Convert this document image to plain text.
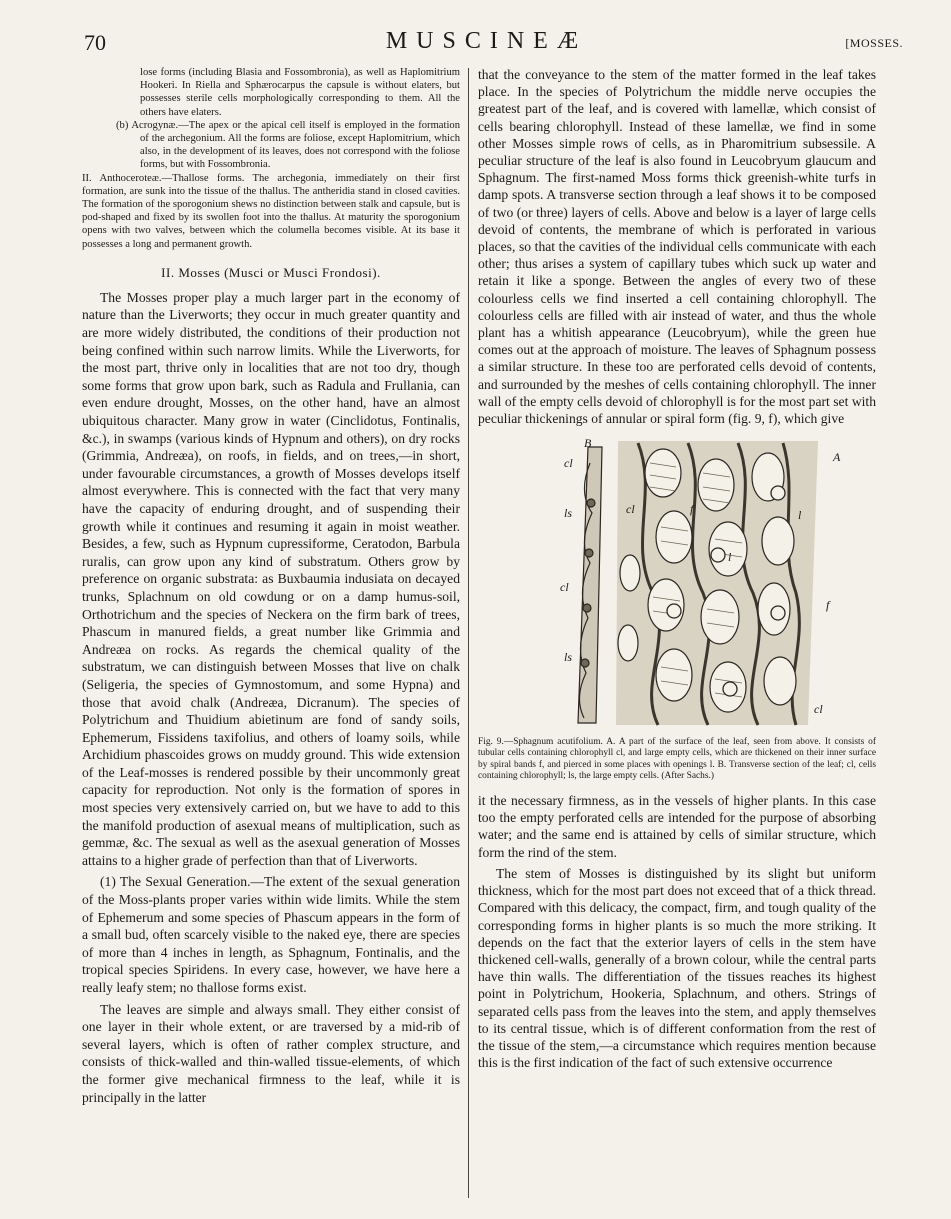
70	MUSCINEÆ	[MOSSES.

lose forms (including Blasia and Fossombronia), as well as Haplomitrium Hookeri. In Riella and Sphærocarpus the capsule is without elaters, but possesses sterile cells morphologically corresponding to them. All the others have elaters.

(b) Acrogynæ.—The apex or the apical cell itself is employed in the formation of the archegonium. All the forms are foliose, except Haplomitrium, which also, in the development of its leaves, does not correspond with the foliose forms, but with Fossombronia.

II. Anthoceroteæ.—Thallose forms. The archegonia, immediately on their first formation, are sunk into the tissue of the thallus. The antheridia stand in closed cavities. The formation of the sporogonium shews no distinction between stalk and capsule, but is pod-shaped and fixed by its swollen foot into the thallus. At maturity the sporogonium opens with two valves, between which the columella becomes visible. At its base it possesses a long and permanent growth.

II. Mosses (Musci or Musci Frondosi).

The Mosses proper play a much larger part in the economy of nature than the Liverworts; they occur in much greater quantity and are more widely distributed, the conditions of their production not being confined within such narrow limits. While the Liverworts, for the most part, thrive only in localities that are not too dry, though some forms that grow upon bark, such as Radula and Frullania, can even endure drought, Mosses, on the other hand, have an almost ubiquitous character. Many grow in water (Cinclidotus, Fontinalis, &c.), in swamps (various kinds of Hypnum and others), on dry rocks (Grimmia, Andreæa), on roofs, in fields, and on trees,—in short, under favourable circumstances, a growth of Mosses develops itself almost everywhere. This is connected with the fact that very many have the capacity of enduring drought, and of suspending their growth while it continues and resuming it again in moist weather. Besides, a few, such as Hypnum cupressiforme, Ceratodon, Barbula ruralis, can grow upon any kind of substratum. Others grow by preference on organic substrata: as Buxbaumia indusiata on decayed trunks, Splachnum on old cowdung or on a damp humus-soil, Orthotrichum and the species of Neckera on the firm bark of trees, Phascum in manured fields, a great number like Grimmia and Andreæa on rocks. As regards the chemical quality of the substratum, we can distinguish between Mosses that live on chalk (Seligeria, the species of Gymnostomum, and some Hypna) and those that avoid chalk (Andreæa, Dicranum). The species of Polytrichum and Thuidium abietinum are fond of sandy soils, Ephemerum, Fissidens taxifolius, and others of loamy soils, while Archidium phascoides grows on muddy ground. This wide extension of the Leaf-mosses is rendered possible by their uncommonly great capacity for reproduction. Not only is the formation of spores in most species very extensively carried on, but we have to add to this the manifold production of asexual means of multiplication, such as gemmæ, &c. The sexual as well as the asexual generation of Mosses attains to a higher grade of perfection than that of Liverworts.

(1) The Sexual Generation.—The extent of the sexual generation of the Moss-plants proper varies within wide limits. While the stem of Ephemerum and some species of Phascum appears in the form of a small bud, often scarcely visible to the naked eye, there are species of more than 4 inches in length, as Sphagnum, Fontinalis, and the tropical species Spiridens. In every case, however, we have here a really leafy stem; no thallose forms exist.

The leaves are simple and always small. They either consist of one layer in their whole extent, or are traversed by a mid-rib of several layers, which is often of rather complex structure, and consists of thick-walled and thin-walled tissue-elements, of which the former give mechanical firmness to the leaf, while it is principally in the latter

that the conveyance to the stem of the matter formed in the leaf takes place. In the species of Polytrichum the middle nerve occupies the greatest part of the leaf, and is covered with lamellæ, which consist of cells bearing chlorophyll. Instead of these lamellæ, we find in some other Mosses simple rows of cells, as in Pharomitrium subsessile. A peculiar structure of the leaf is also found in Leucobryum glaucum and Sphagnum. The first-named Moss forms thick greenish-white turfs in damp spots. A transverse section through a leaf shows it to be composed of two (or three) layers of cells. Above and below is a layer of large cells devoid of contents, the membrane of which is perforated in various places, so that the cavities of the individual cells communicate with each other; thus arises a system of capillary tubes which suck up water and retain it like a sponge. Between the angles of every two of these colourless cells we find inserted a cell containing chlorophyll. The colourless cells are filled with air instead of water, and thus the whole plant has a whitish appearance (Leucobryum), while the green hue comes out at the approach of moisture. The leaves of Sphagnum possess a similar structure. In these too are perforated cells devoid of contents, and surrounded by the meshes of cells containing chlorophyll. The inner wall of the empty cells devoid of chlorophyll is for the most part set with peculiar thickenings of annular or spiral form (fig. 9, f), which give

B
A
cl
ls	cl	f
cl
ls
f
l
l
cl

Fig. 9.—Sphagnum acutifolium. A. A part of the surface of the leaf, seen from above. It consists of tubular cells containing chlorophyll cl, and large empty cells, which are thickened on their inner surface by spiral bands f, and pierced in some places with openings l. B. Transverse section of the leaf; cl, cells containing chlorophyll; ls, the large empty cells. (After Sachs.)

it the necessary firmness, as in the vessels of higher plants. In this case too the empty perforated cells are intended for the purpose of absorbing water; and the same end is attained by cells of similar structure, which form the rind of the stem.

The stem of Mosses is distinguished by its slight but uniform thickness, which for the most part does not exceed that of a thick thread. Compared with this delicacy, the compact, firm, and tough quality of the corresponding forms in higher plants is so much the more striking. It depends on the fact that the exterior layers of cells in the stem have thickened cell-walls, generally of a brown colour, while the central parts have thin walls. The differentiation of the tissues reaches its highest point in Polytrichum, Hookeria, Splachnum, and others. Strings of separated cells pass from the leaves into the stem, and apply themselves to its central tissue, which is of different conformation from the rest of the tissue of the stem,—a circumstance which requires mention because this is the first indication of the fact of such extensive occurrence
